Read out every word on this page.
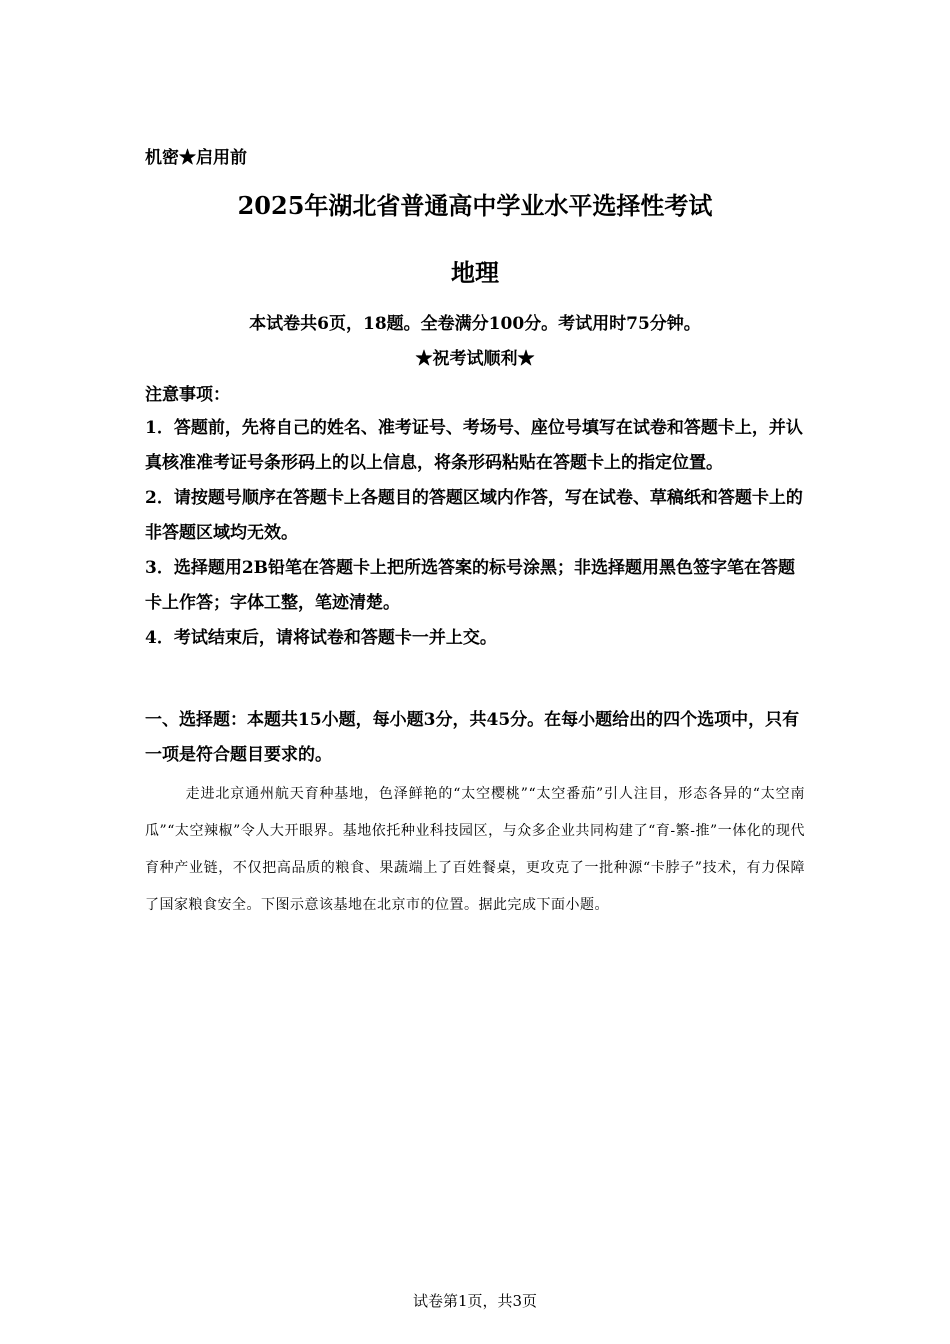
机密★启用前
2025年湖北省普通高中学业水平选择性考试
地理
本试卷共6页，18题。全卷满分100分。考试用时75分钟。
★祝考试顺利★
注意事项：

1．答题前，先将自己的姓名、准考证号、考场号、座位号填写在试卷和答题卡上，并认真核准准考证号条形码上的以上信息，将条形码粘贴在答题卡上的指定位置。

2．请按题号顺序在答题卡上各题目的答题区域内作答，写在试卷、草稿纸和答题卡上的非答题区域均无效。

3．选择题用2B铅笔在答题卡上把所选答案的标号涂黑；非选择题用黑色签字笔在答题卡上作答；字体工整，笔迹清楚。

4．考试结束后，请将试卷和答题卡一并上交。

一、选择题：本题共15小题，每小题3分，共45分。在每小题给出的四个选项中，只有一项是符合题目要求的。
走进北京通州航天育种基地，色泽鲜艳的“太空樱桃”“太空番茄”引人注目，形态各异的“太空南瓜”“太空辣椒”令人大开眼界。基地依托种业科技园区，与众多企业共同构建了“育-繁-推”一体化的现代育种产业链，不仅把高品质的粮食、果蔬端上了百姓餐桌，更攻克了一批种源“卡脖子”技术，有力保障了国家粮食安全。下图示意该基地在北京市的位置。据此完成下面小题。
试卷第1页，共3页
